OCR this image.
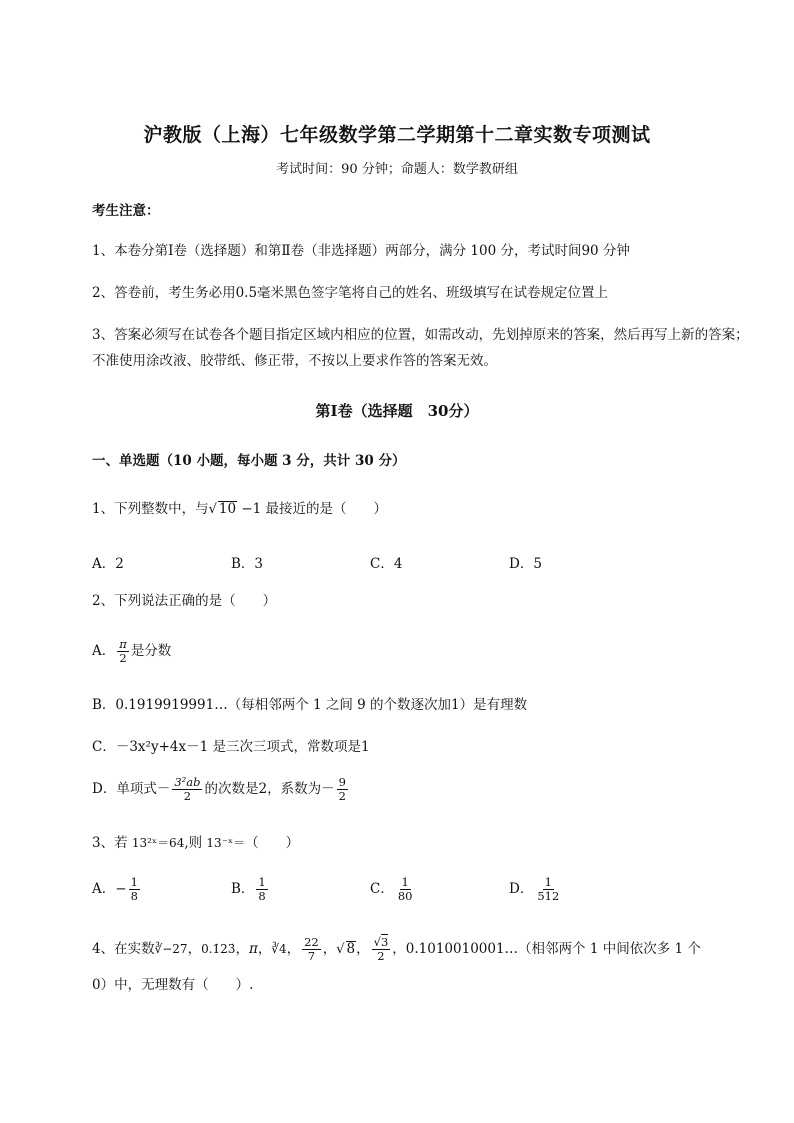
沪教版（上海）七年级数学第二学期第十二章实数专项测试
考试时间：90 分钟；命题人：数学教研组
考生注意：
1、本卷分第Ⅰ卷（选择题）和第Ⅱ卷（非选择题）两部分，满分 100 分，考试时间90 分钟
2、答卷前，考生务必用0.5毫米黑色签字笔将自己的姓名、班级填写在试卷规定位置上
3、答案必须写在试卷各个题目指定区域内相应的位置，如需改动，先划掉原来的答案，然后再写上新的答案；不准使用涂改液、胶带纸、修正带，不按以上要求作答的答案无效。
第Ⅰ卷（选择题　30分）
一、单选题（10 小题，每小题 3 分，共计 30 分）
1、下列整数中，与√ 10 −1 最接近的是（　　）
A．2	B．3	C．4	D．5
2、下列说法正确的是（　　）
A． $\frac{\pi}{2}$ 是分数
B．0.1919919991…（每相邻两个 1 之间 9 的个数逐次加1）是有理数
C．－3x²y+4x－1 是三次三项式，常数项是1
D．单项式－ $\frac{\text{3²ab}}{2}$ 的次数是2，系数为－ $\frac{9}{2}$
3、若 13²ˣ＝64,则 13⁻ˣ＝（　　）
A．− $\frac{1}{8}$	B． $\frac{1}{8}$	C． $\frac{1}{80}$	D． $\frac{1}{512}$
4、在实数∛−27，0.1̇23̇，π，∛4， $\frac{22}{7}$ ，√ 8， $\frac{√3}{2}$ ，0.1010010001…（相邻两个 1 中间依次多 1 个
0）中，无理数有（　　）.
